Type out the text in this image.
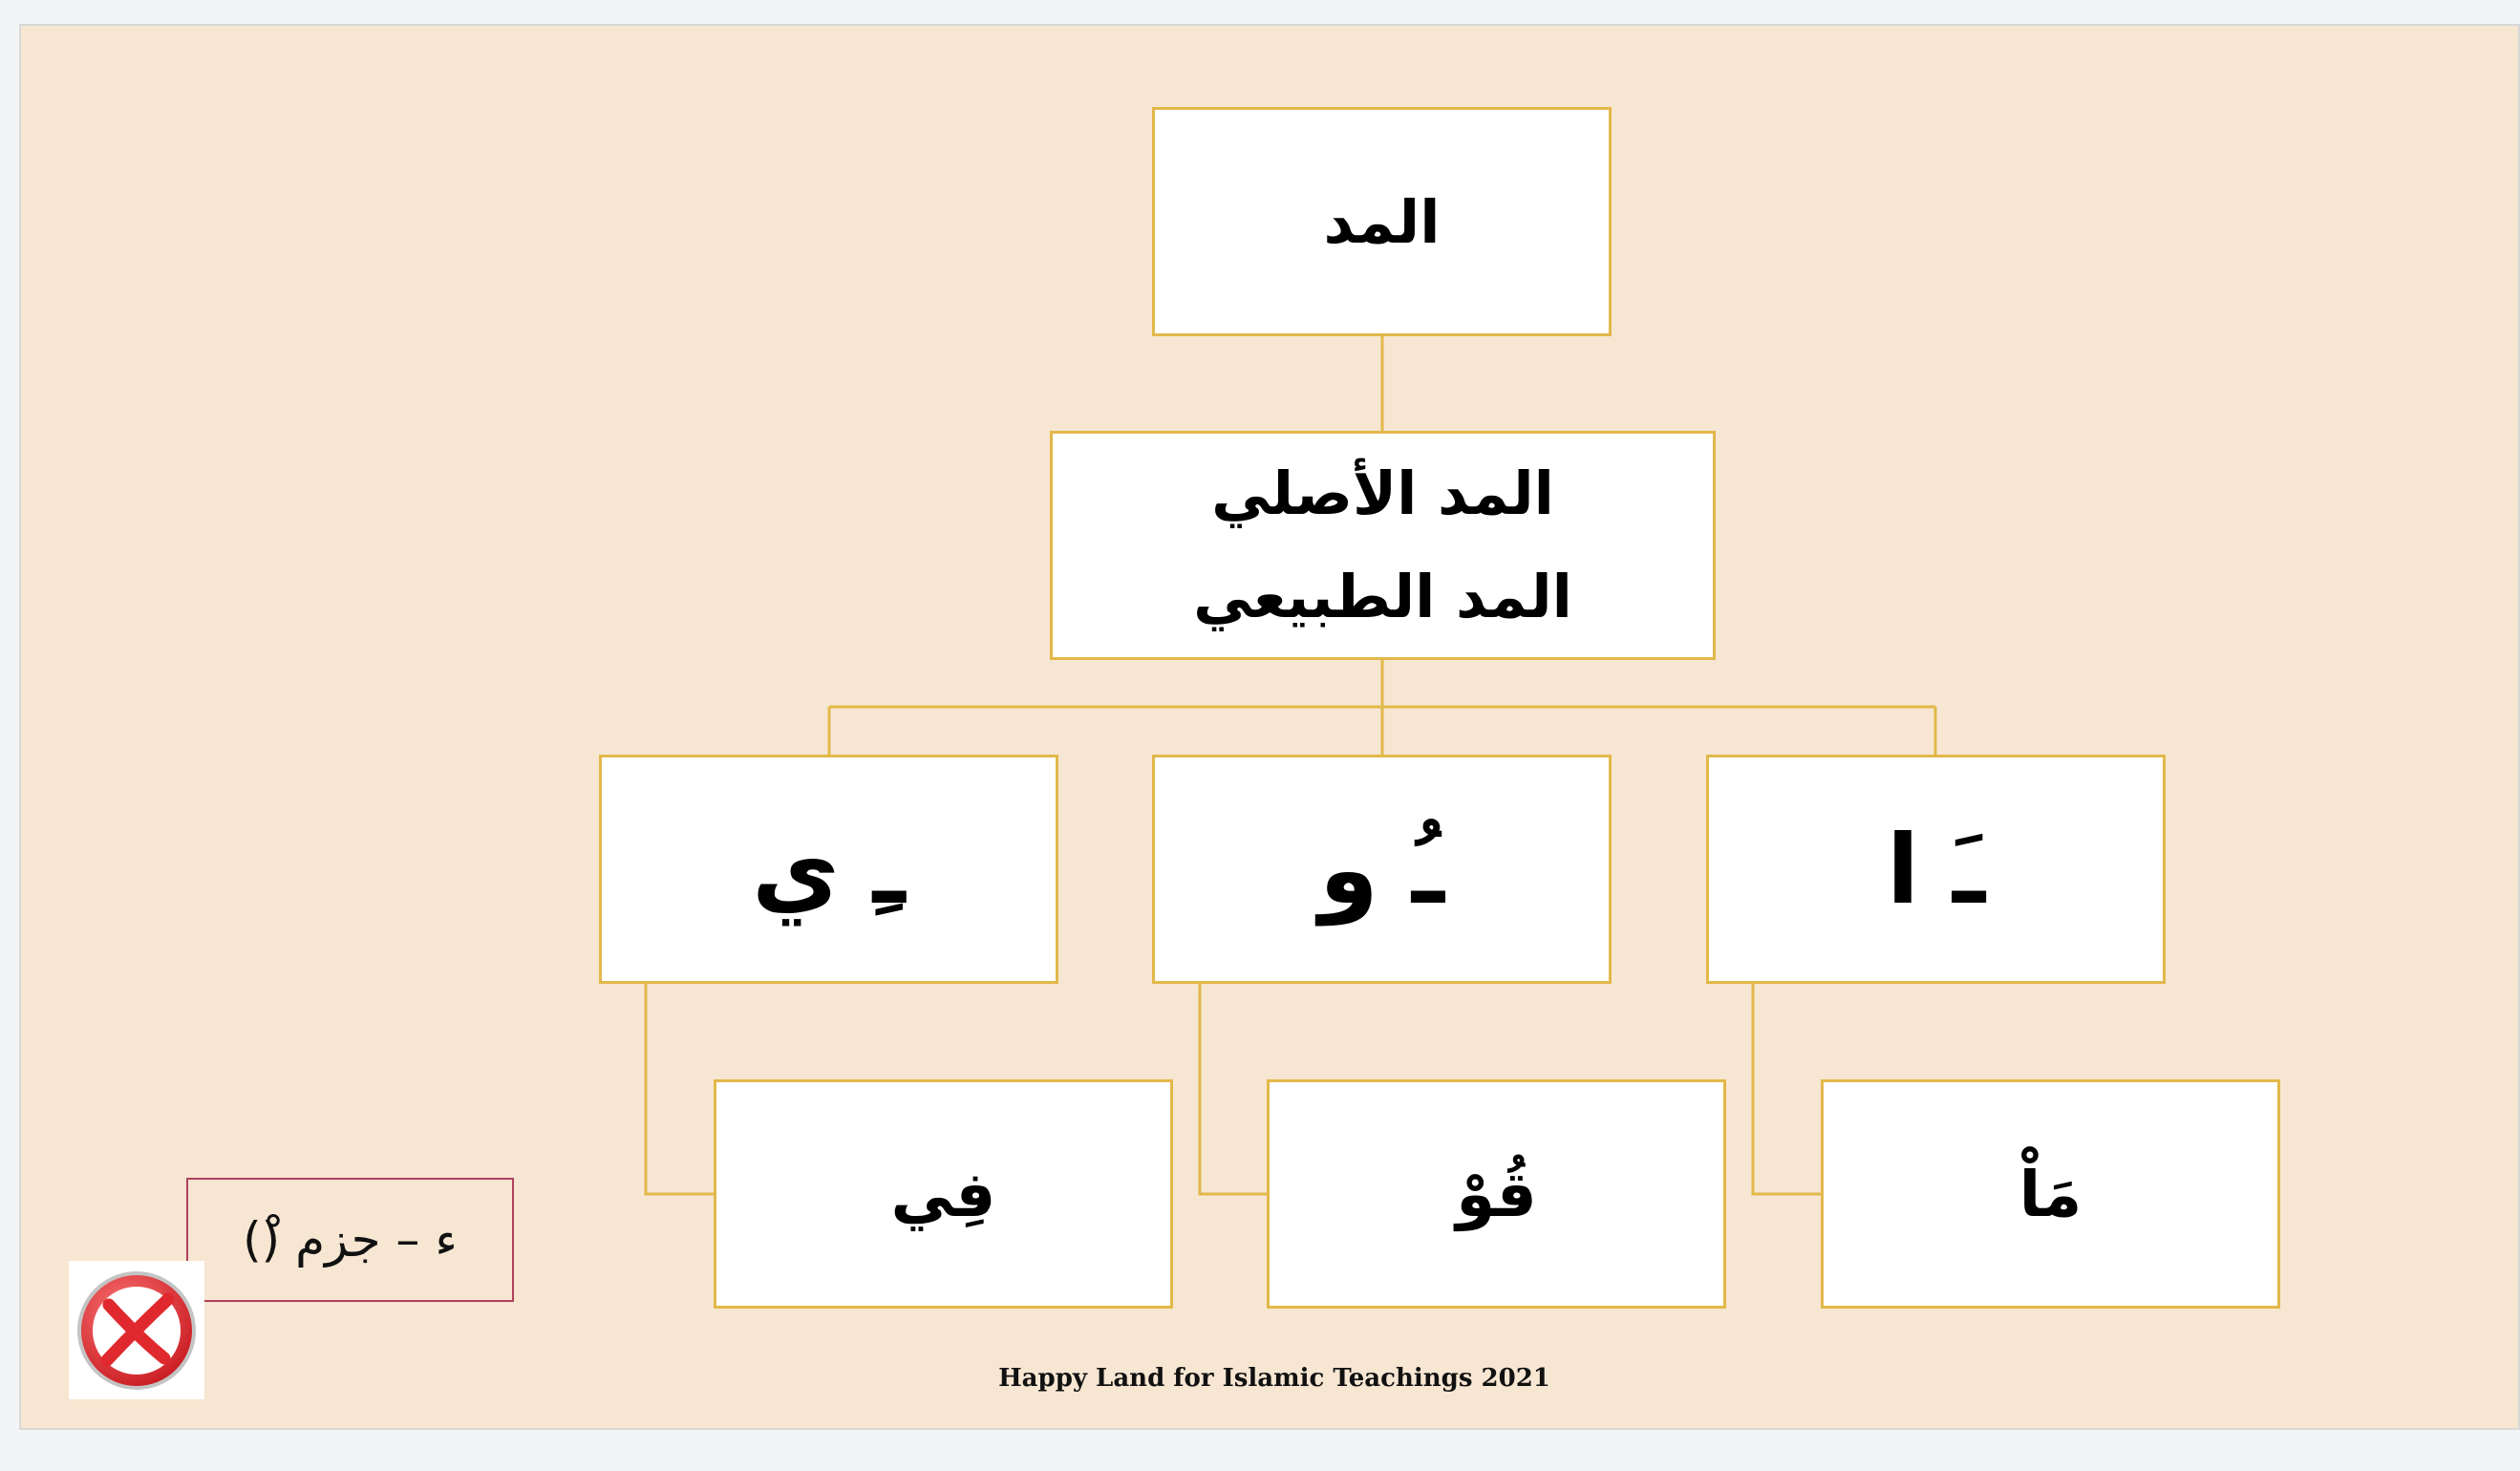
المد
المد الأصلي
المد الطبيعي
ـِ ي	ـُ و	ـَ ا
فِي	قُوْ	مَاْ
ء – جزم (ْ)
Happy Land for Islamic Teachings 2021
